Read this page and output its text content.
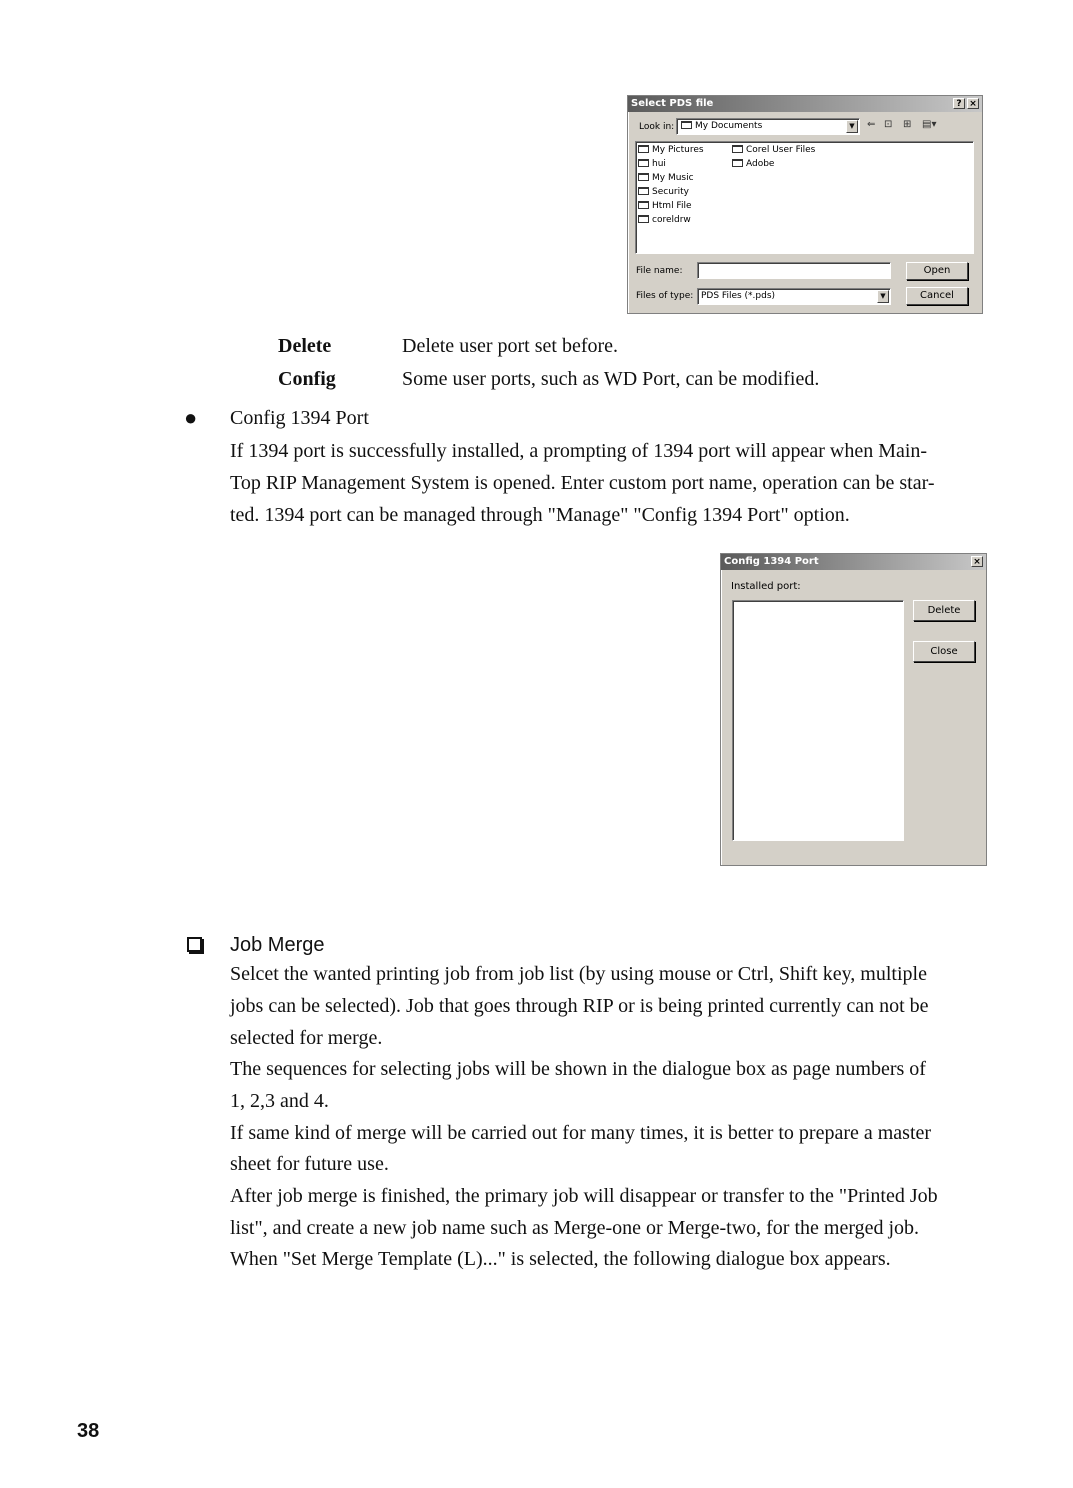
Select PDS file	? ×
Look in:	My Documents	▼	⇐ ⊡ ⊞ ▤▾
My Pictures
hui
My Music
Security
Html File
coreldrw
Corel User Files
Adobe
File name:	Open
Files of type: PDS Files (*.pds)	▼	Cancel
Delete	Delete user port set before.
Config	Some user ports, such as WD Port, can be modified.
● Config 1394 Port
If 1394 port is successfully installed, a prompting of 1394 port will appear when Main-
Top RIP Management System is opened. Enter custom port name, operation can be star-
ted. 1394 port can be managed through "Manage" "Config 1394 Port" option.
Config 1394 Port	×
Installed port:
Delete
Close
Job Merge
Selcet the wanted printing job from job list (by using mouse or Ctrl, Shift key, multiple
jobs can be selected). Job that goes through RIP or is being printed currently can not be
selected for merge.
The sequences for selecting jobs will be shown in the dialogue box as page numbers of
1, 2,3 and 4.
If same kind of merge will be carried out for many times, it is better to prepare a master
sheet for future use.
After job merge is finished, the primary job will disappear or transfer to the "Printed Job
list", and create a new job name such as Merge-one or Merge-two, for the merged job.
When "Set Merge Template (L)..." is selected, the following dialogue box appears.
38
